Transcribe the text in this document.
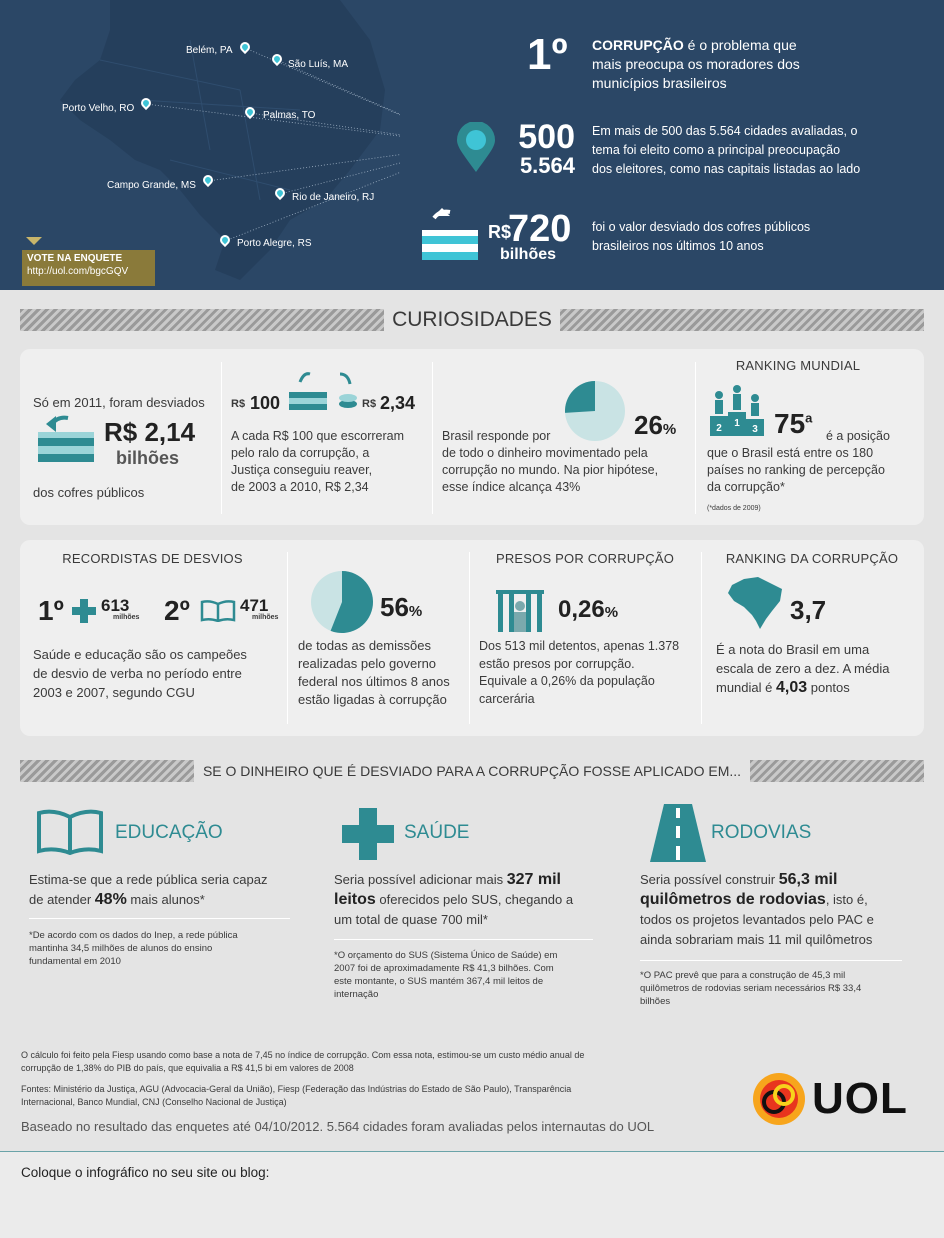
Belém, PA
São Luís, MA
Porto Velho, RO
Palmas, TO
Campo Grande, MS
Rio de Janeiro, RJ
Porto Alegre, RS
1º CORRUPÇÃO é o problema que
mais preocupa os moradores dos
municípios brasileiros
500
5.564
Em mais de 500 das 5.564 cidades avaliadas, o
tema foi eleito como a principal preocupação
dos eleitores, como nas capitais listadas ao lado
R$
720
bilhões
foi o valor desviado dos cofres públicos
brasileiros nos últimos 10 anos
VOTE NA ENQUETE
http://uol.com/bgcGQV
CURIOSIDADES
Só em 2011, foram desviados
R$ 2,14
bilhões
dos cofres públicos
R$ 100	R$ 2,34
A cada R$ 100 que escorreram
pelo ralo da corrupção, a
Justiça conseguiu reaver,
de 2003 a 2010, R$ 2,34
26%
Brasil responde por
de todo o dinheiro movimentado pela
corrupção no mundo. Na pior hipótese,
esse índice alcança 43%
RANKING MUNDIAL
2 1
3 75$^a$
é a posição
que o Brasil está entre os 180
países no ranking de percepção
da corrupção*
(*dados de 2009)
RECORDISTAS DE DESVIOS
1º 613
milhões 2º	471
milhões
Saúde e educação são os campeões
de desvio de verba no período entre
2003 e 2007, segundo CGU
56%
de todas as demissões
realizadas pelo governo
federal nos últimos 8 anos
estão ligadas à corrupção
PRESOS POR CORRUPÇÃO
0,26%
Dos 513 mil detentos, apenas 1.378
estão presos por corrupção.
Equivale a 0,26% da população
carcerária
RANKING DA CORRUPÇÃO
3,7
É a nota do Brasil em uma
escala de zero a dez. A média
mundial é 4,03 pontos
SE O DINHEIRO QUE É DESVIADO PARA A CORRUPÇÃO FOSSE APLICADO EM...
EDUCAÇÃO
Estima-se que a rede pública seria capaz
de atender 48% mais alunos*
*De acordo com os dados do Inep, a rede pública
mantinha 34,5 milhões de alunos do ensino
fundamental em 2010
SAÚDE
Seria possível adicionar mais 327 mil
leitos oferecidos pelo SUS, chegando a
um total de quase 700 mil*
*O orçamento do SUS (Sistema Único de Saúde) em
2007 foi de aproximadamente R$ 41,3 bilhões. Com
este montante, o SUS mantém 367,4 mil leitos de
internação
RODOVIAS
Seria possível construir 56,3 mil
quilômetros de rodovias, isto é,
todos os projetos levantados pelo PAC e
ainda sobrariam mais 11 mil quilômetros
*O PAC prevê que para a construção de 45,3 mil
quilômetros de rodovias seriam necessários R$ 33,4
bilhões
O cálculo foi feito pela Fiesp usando como base a nota de 7,45 no índice de corrupção. Com essa nota, estimou-se um custo médio anual de
corrupção de 1,38% do PIB do país, que equivalia a R$ 41,5 bi em valores de 2008
Fontes: Ministério da Justiça, AGU (Advocacia-Geral da União), Fiesp (Federação das Indústrias do Estado de São Paulo), Transparência
Internacional, Banco Mundial, CNJ (Conselho Nacional de Justiça)
Baseado no resultado das enquetes até 04/10/2012. 5.564 cidades foram avaliadas pelos internautas do UOL
UOL
Coloque o infográfico no seu site ou blog:
